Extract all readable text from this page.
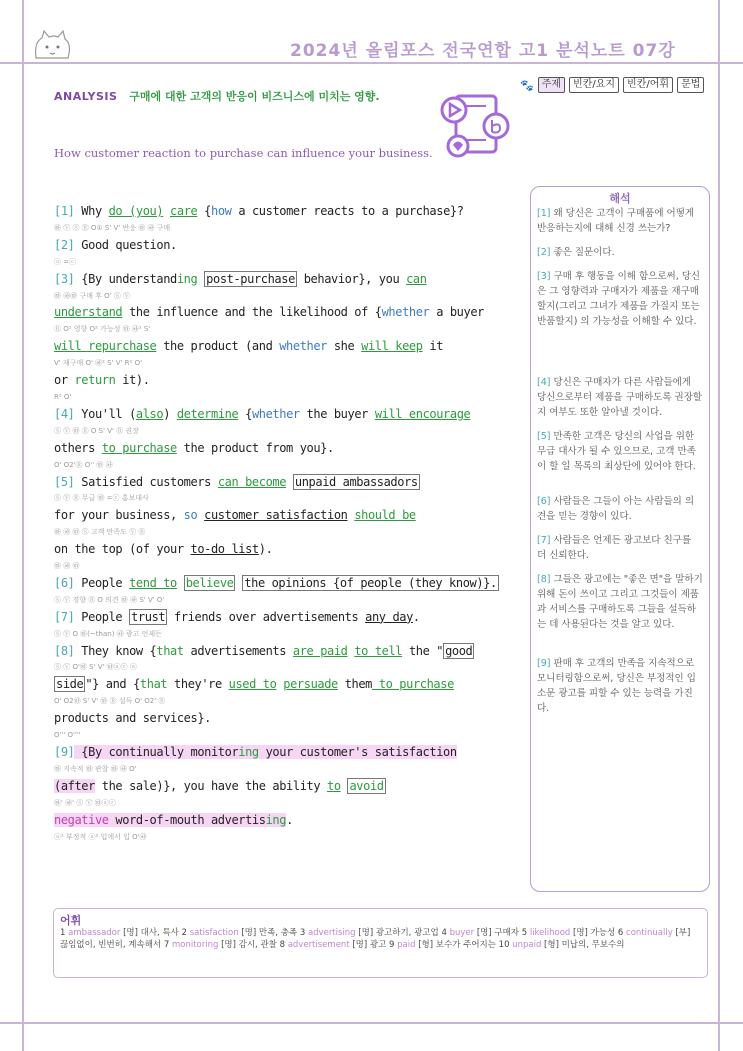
2024년 올림포스 전국연합 고1 분석노트 07강
🐾 주제	빈칸/요지	빈칸/어휘	문법
ANALYSIS 구매에 대한 고객의 반응이 비즈니스에 미치는 영향.
How customer reaction to purchase can influence your business.
[1] Why do (you) care {how a customer reacts to a purchase}?
㉻ Ⓥ Ⓢ Ⓡ O① S' V' 반응 ㉻ ㉷ 구매
[2] Good question.
ⓐ =ⓒ
[3] {By understanding post-purchase behavior}, you can
㉻ ㉷㉻ 구매 후 O' Ⓢ Ⓥ
understand the influence and the likelihood of {whether a buyer
Ⓡ O¹ 영향 O² 가능성 ㉻ ㉷¹ S'
will repurchase the product (and whether she will keep it
V' 재구매 O' ㉷² S' V' R² O'
or return it).
R² O'
[4] You'll (also) determine {whether the buyer will encourage
Ⓢ Ⓥ ㉻ Ⓡ O S' V' Ⓡ 권장
others to purchase the product from you}.
O' O2'Ⓡ O'' ㉻ ㉷
[5] Satisfied customers can become unpaid ambassadors
Ⓢ Ⓥ Ⓡ 무급 ㉻ =ⓒ 홍보대사
for your business, so customer satisfaction should be
㉻ ㉷ ㉻ Ⓢ 고객 만족도 Ⓥ Ⓡ
on the top (of your to-do list).
㉻ ㉷ ㉻
[6] People tend to believe the opinions {of people (they know)}.
Ⓢ Ⓥ 경향 Ⓡ O 의견 ㉻ ㉷ S' V' O'
[7] People trust friends over advertisements any day.
Ⓢ Ⓥ O ㉻(~than) ㉷ 광고 언제든
[8] They know {that advertisements are paid to tell the " good
Ⓢ Ⓥ O'㉻ S' V' ㉻ⓐⓡ ⓐ
side "} and {that they're used to persuade them to purchase
O' O2㉻ S' V' ㉻ Ⓡ 설득 O' O2' Ⓡ
products and services}.
O''' O''''
[9] {By continually monitoring your customer's satisfaction
㉻ 지속적 ㉻ 관찰 ㉻ ㉷ O'
(after the sale)}, you have the ability to avoid
㉻' ㉷' Ⓢ Ⓥ ㉻ⓐⓡ
negative word-of-mouth advertising.
ⓐ¹ 부정적 ⓐ² 입에서 입 O'㉷
해석

[1] 왜 당신은 고객이 구매품에 어떻게 반응하는지에 대해 신경 쓰는가?

[2] 좋은 질문이다.

[3] 구매 후 행동을 이해 함으로써, 당신은 그 영향력과 구매자가 제품을 재구매 할지(그리고 그녀가 제품을 가질지 또는 반품할지) 의 가능성을 이해할 수 있다.

[4] 당신은 구매자가 다른 사람들에게 당신으로부터 제품을 구매하도록 권장할지 여부도 또한 알아낼 것이다.

[5] 만족한 고객은 당신의 사업을 위한 무급 대사가 될 수 있으므로, 고객 만족이 할 일 목록의 최상단에 있어야 한다.

[6] 사람들은 그들이 아는 사람들의 의견을 믿는 경향이 있다.

[7] 사람들은 언제든 광고보다 친구를 더 신뢰한다.

[8] 그들은 광고에는 "좋은 면"을 말하기 위해 돈이 쓰이고 그리고 그것들이 제품과 서비스를 구매하도록 그들을 설득하는 데 사용된다는 것을 알고 있다.

[9] 판매 후 고객의 만족을 지속적으로 모니터링함으로써, 당신은 부정적인 입소문 광고를 피할 수 있는 능력을 가진다.

어휘
1 ambassador [명] 대사, 특사 2 satisfaction [명] 만족, 충족 3 advertising [명] 광고하기, 광고업 4 buyer [명] 구매자 5 likelihood [명] 가능성 6 continually [부] 끊임없이, 빈번히, 계속해서 7 monitoring [명] 감시, 관찰 8 advertisement [명] 광고 9 paid [형] 보수가 주어지는 10 unpaid [형] 미납의, 무보수의
